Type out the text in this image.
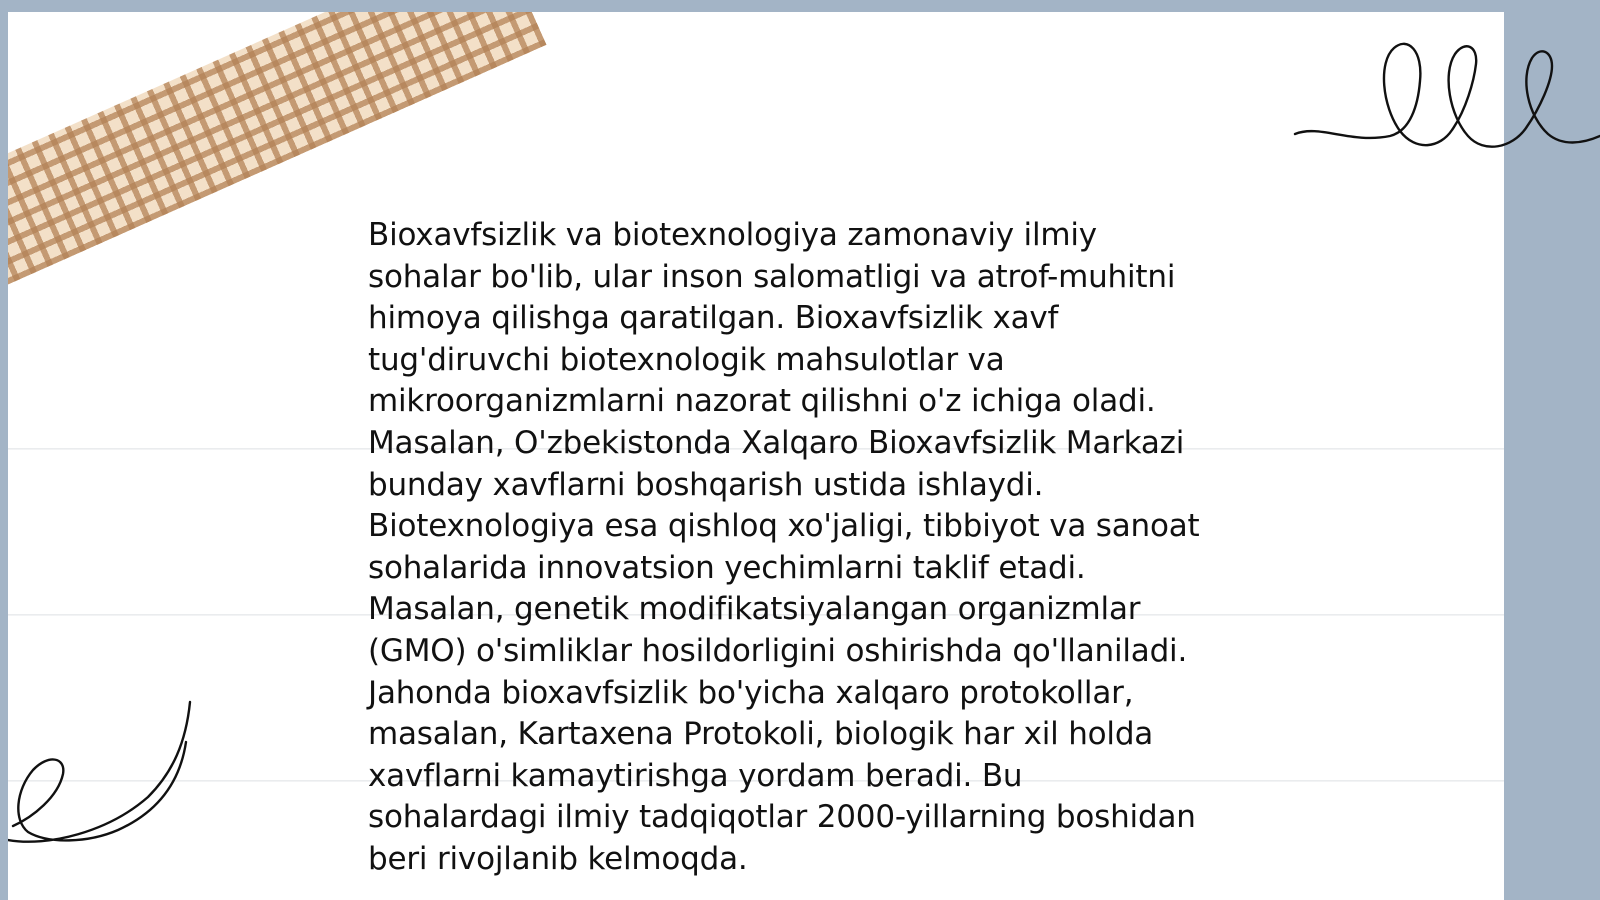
Bioxavfsizlik va biotexnologiya zamonaviy ilmiy
sohalar bo'lib, ular inson salomatligi va atrof-muhitni
himoya qilishga qaratilgan. Bioxavfsizlik xavf
tug'diruvchi biotexnologik mahsulotlar va
mikroorganizmlarni nazorat qilishni o'z ichiga oladi.
Masalan, O'zbekistonda Xalqaro Bioxavfsizlik Markazi
bunday xavflarni boshqarish ustida ishlaydi.
Biotexnologiya esa qishloq xo'jaligi, tibbiyot va sanoat
sohalarida innovatsion yechimlarni taklif etadi.
Masalan, genetik modifikatsiyalangan organizmlar
(GMO) o'simliklar hosildorligini oshirishda qo'llaniladi.
Jahonda bioxavfsizlik bo'yicha xalqaro protokollar,
masalan, Kartaxena Protokoli, biologik har xil holda
xavflarni kamaytirishga yordam beradi. Bu
sohalardagi ilmiy tadqiqotlar 2000-yillarning boshidan
beri rivojlanib kelmoqda.
